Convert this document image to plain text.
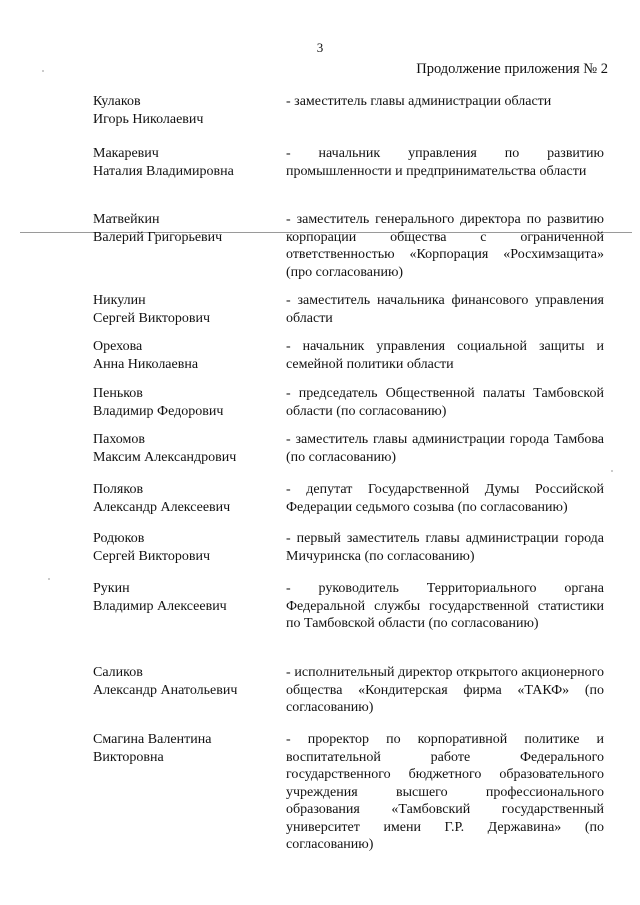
3
Продолжение приложения № 2
Кулаков
Игорь Николаевич
- заместитель главы администрации области
Макаревич
Наталия Владимировна
- начальник управления по развитию промышленности и предпринимательства области
Матвейкин
Валерий Григорьевич
- заместитель генерального директора по развитию корпорации общества с ограниченной ответственностью «Корпорация «Росхимзащита» (про согласованию)
Никулин
Сергей Викторович
- заместитель начальника финансового управления области
Орехова
Анна Николаевна
- начальник управления социальной защиты и семейной политики области
Пеньков
Владимир Федорович
- председатель Общественной палаты Тамбовской области (по согласованию)
Пахомов
Максим Александрович
- заместитель главы администрации города Тамбова (по согласованию)
Поляков
Александр Алексеевич
- депутат Государственной Думы Российской Федерации седьмого созыва (по согласованию)
Родюков
Сергей Викторович
- первый заместитель главы администрации города Мичуринска (по согласованию)
Рукин
Владимир Алексеевич
- руководитель Территориального органа Федеральной службы государственной статистики по Тамбовской области (по согласованию)
Саликов
Александр Анатольевич
- исполнительный директор открытого акционерного общества «Кондитерская фирма «ТАКФ» (по согласованию)
Смагина Валентина
Викторовна
- проректор по корпоративной политике и воспитательной работе Федерального государственного бюджетного образовательного учреждения высшего профессионального образования «Тамбовский государственный университет имени Г.Р. Державина» (по согласованию)
